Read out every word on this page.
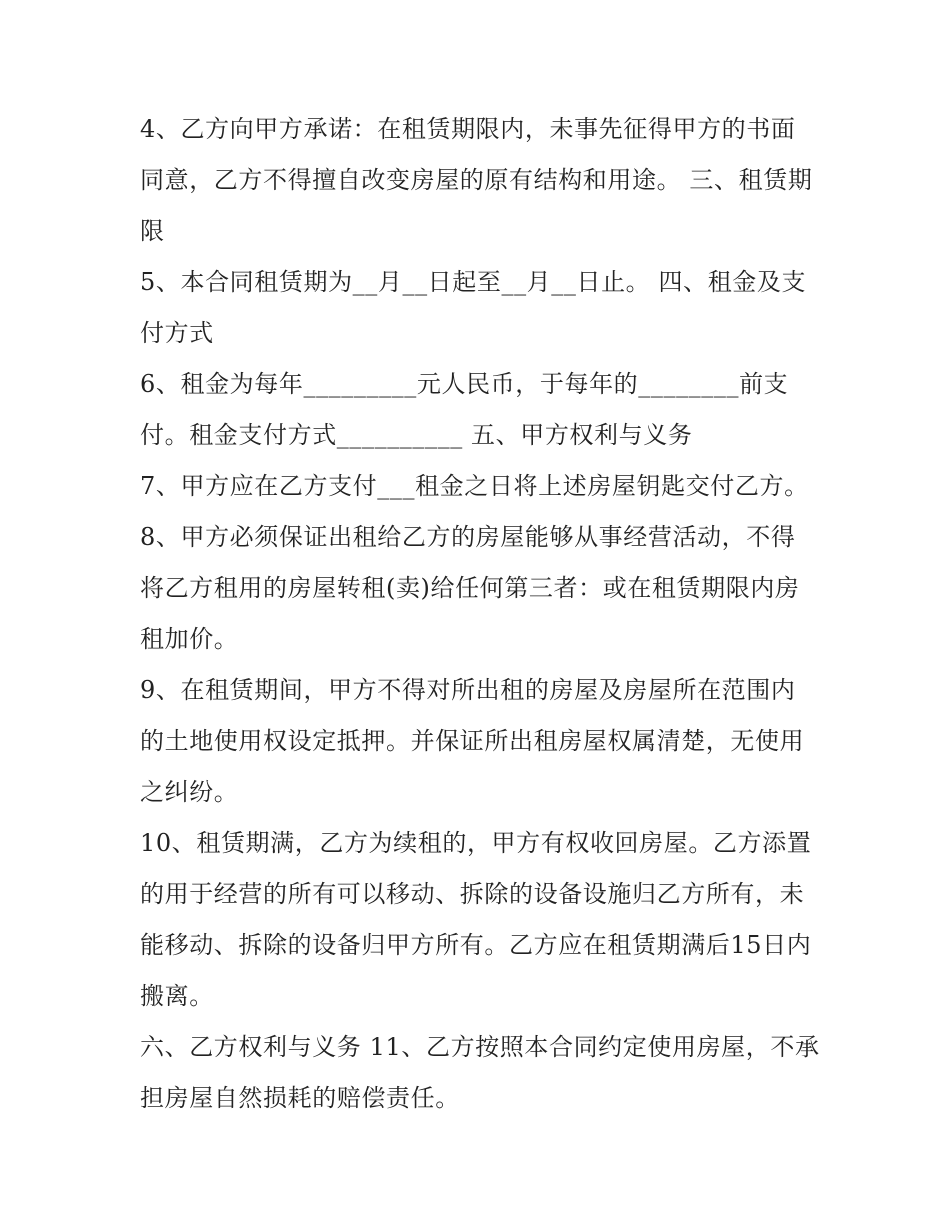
4、乙方向甲方承诺：在租赁期限内，未事先征得甲方的书面同意，乙方不得擅自改变房屋的原有结构和用途。 三、租赁期限

5、本合同租赁期为__月__日起至__月__日止。 四、租金及支付方式

6、租金为每年_________元人民币，于每年的________前支付。租金支付方式__________ 五、甲方权利与义务

7、甲方应在乙方支付___租金之日将上述房屋钥匙交付乙方。

8、甲方必须保证出租给乙方的房屋能够从事经营活动，不得将乙方租用的房屋转租(卖)给任何第三者：或在租赁期限内房租加价。

9、在租赁期间，甲方不得对所出租的房屋及房屋所在范围内的土地使用权设定抵押。并保证所出租房屋权属清楚，无使用之纠纷。

10、租赁期满，乙方为续租的，甲方有权收回房屋。乙方添置的用于经营的所有可以移动、拆除的设备设施归乙方所有，未能移动、拆除的设备归甲方所有。乙方应在租赁期满后15日内搬离。

六、乙方权利与义务 11、乙方按照本合同约定使用房屋，不承担房屋自然损耗的赔偿责任。
